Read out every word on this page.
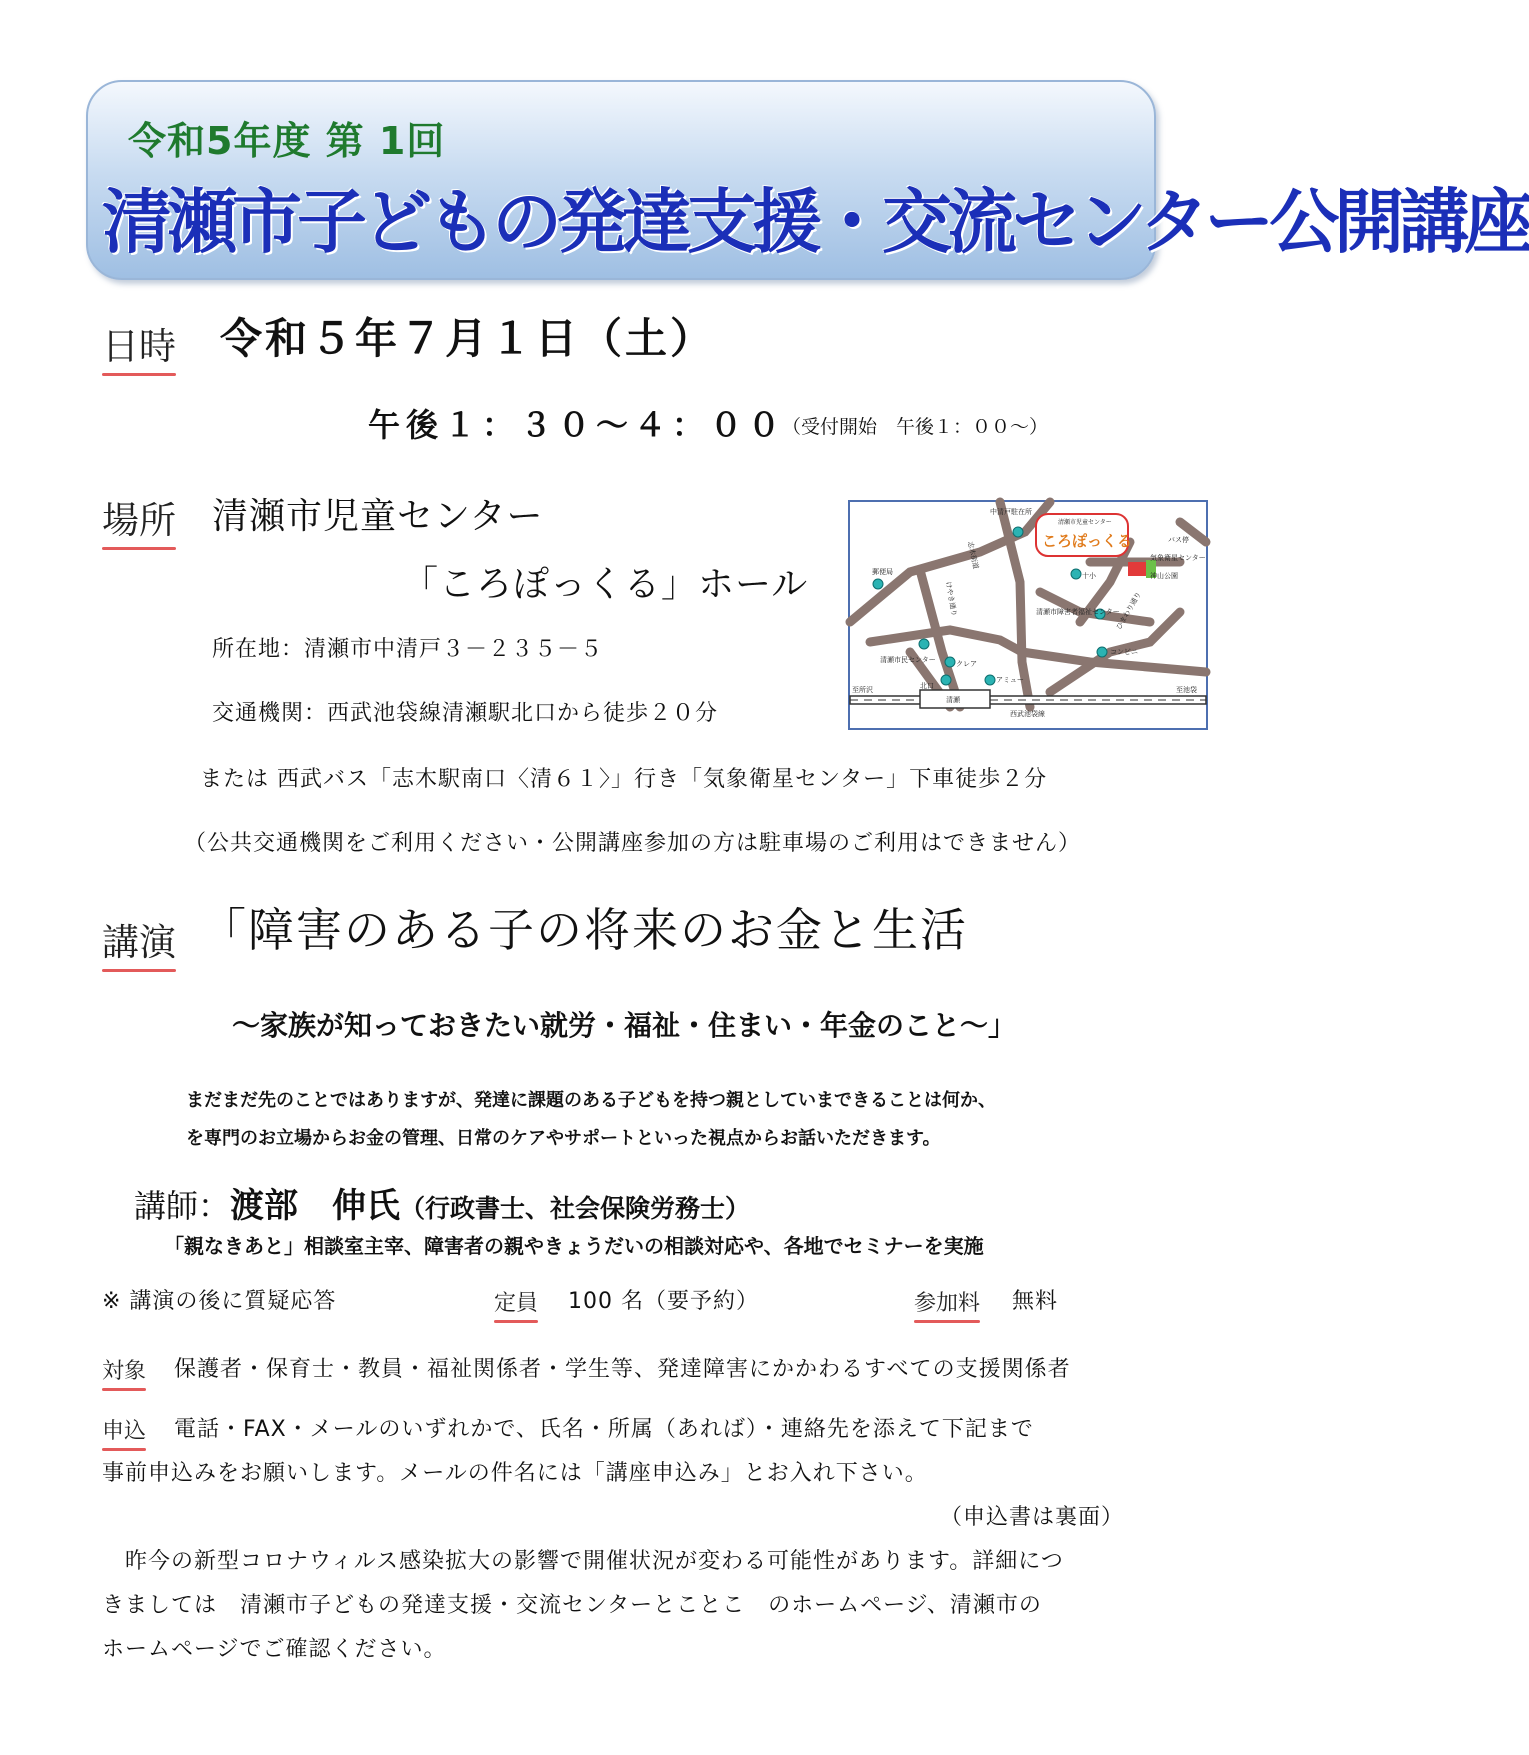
令和5年度 第 1回
清瀬市子どもの発達支援・交流センター公開講座
日時 令和５年７月１日（土）
午後１：３０～４：００
（受付開始　午後１：００～）
場所 清瀬市児童センター
「ころぽっくる」ホール
所在地：清瀬市中清戸３－２３５－５
交通機関：西武池袋線清瀬駅北口から徒歩２０分
または 西武バス「志木駅南口〈清６１〉」行き「気象衛星センター」下車徒歩２分
（公共交通機関をご利用ください・公開講座参加の方は駐車場のご利用はできません）
中清戸駐在所
清瀬市児童センター
ころぽっくる	バス停
気象衛星センター
神山公園
十小
郵便局
志木街道
けやき通り	清瀬市障害者福祉センター
ひまわり通り
清瀬市民センター
コンビニ
クレア
アミュー
至所沢	至池袋
北口
清瀬
西武池袋線
講演 「障害のある子の将来のお金と生活
～家族が知っておきたい就労・福祉・住まい・年金のこと～」
まだまだ先のことではありますが、発達に課題のある子どもを持つ親としていまできることは何か、
を専門のお立場からお金の管理、日常のケアやサポートといった視点からお話いただきます。
講師：渡部　伸氏（行政書士、社会保険労務士）
「親なきあと」相談室主宰、障害者の親やきょうだいの相談対応や、各地でセミナーを実施
※ 講演の後に質疑応答	定員 100 名（要予約）	参加料 無料
対象 保護者・保育士・教員・福祉関係者・学生等、発達障害にかかわるすべての支援関係者
申込 電話・FAX・メールのいずれかで、氏名・所属（あれば）・連絡先を添えて下記まで
事前申込みをお願いします。メールの件名には「講座申込み」とお入れ下さい。
（申込書は裏面）
　昨今の新型コロナウィルス感染拡大の影響で開催状況が変わる可能性があります。詳細につ
きましては　清瀬市子どもの発達支援・交流センターとことこ　のホームページ、清瀬市の
ホームページでご確認ください。
